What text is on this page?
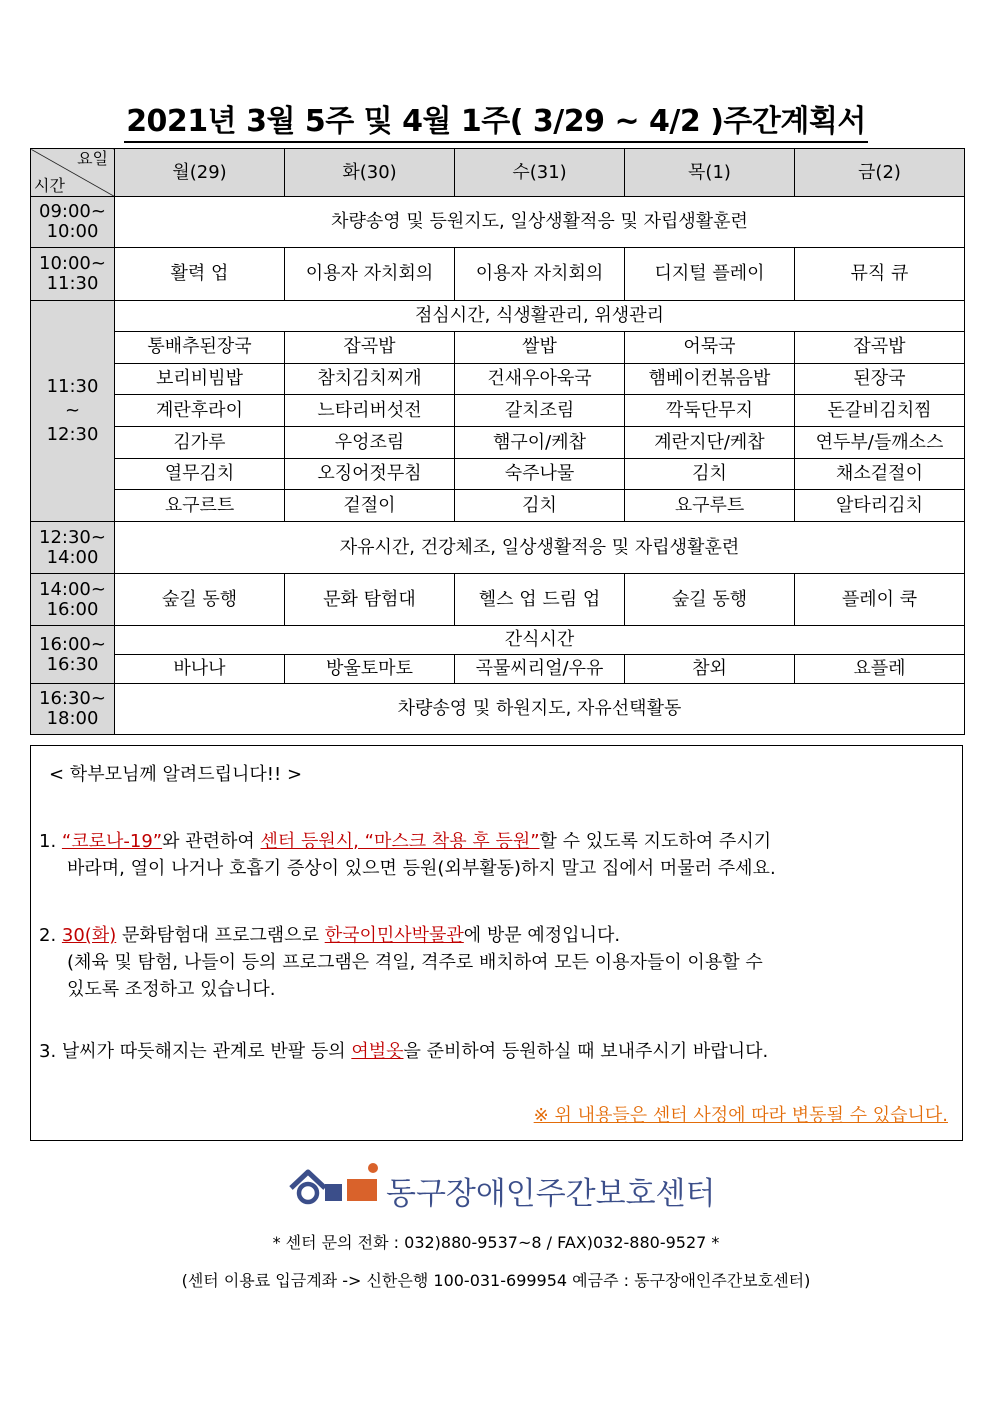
2021년 3월 5주 및 4월 1주( 3/29 ~ 4/2 )주간계획서
요일
시간	월(29)	화(30)	수(31)	목(1)	금(2)
09:00~
10:00	차량송영 및 등원지도, 일상생활적응 및 자립생활훈련				
10:00~
11:30	활력 업	이용자 자치회의	이용자 자치회의	디지털 플레이	뮤직 큐
11:30
~
12:30	점심시간, 식생활관리, 위생관리				
	통배추된장국	잡곡밥	쌀밥	어묵국	잡곡밥
	보리비빔밥	참치김치찌개	건새우아욱국	햄베이컨볶음밥	된장국
	계란후라이	느타리버섯전	갈치조림	깍둑단무지	돈갈비김치찜
	김가루	우엉조림	햄구이/케찹	계란지단/케찹	연두부/들깨소스
	열무김치	오징어젓무침	숙주나물	김치	채소겉절이
	요구르트	겉절이	김치	요구루트	알타리김치
12:30~
14:00	자유시간, 건강체조, 일상생활적응 및 자립생활훈련				
14:00~
16:00	숲길 동행	문화 탐험대	헬스 업 드림 업	숲길 동행	플레이 쿡
16:00~
16:30	간식시간				
	바나나	방울토마토	곡물씨리얼/우유	참외	요플레
16:30~
18:00	차량송영 및 하원지도, 자유선택활동				
< 학부모님께 알려드립니다!! >
1. “코로나-19”와 관련하여 센터 등원시, “마스크 착용 후 등원”할 수 있도록 지도하여 주시기
바라며, 열이 나거나 호흡기 증상이 있으면 등원(외부활동)하지 말고 집에서 머물러 주세요.
2. 30(화) 문화탐험대 프로그램으로 한국이민사박물관에 방문 예정입니다.
(체육 및 탐험, 나들이 등의 프로그램은 격일, 격주로 배치하여 모든 이용자들이 이용할 수
있도록 조정하고 있습니다.
3. 날씨가 따듯해지는 관계로 반팔 등의 여벌옷을 준비하여 등원하실 때 보내주시기 바랍니다.
※ 위 내용들은 센터 사정에 따라 변동될 수 있습니다.
동구장애인주간보호센터
* 센터 문의 전화 : 032)880-9537~8 / FAX)032-880-9527 *
(센터 이용료 입금계좌 -> 신한은행 100-031-699954 예금주 : 동구장애인주간보호센터)
